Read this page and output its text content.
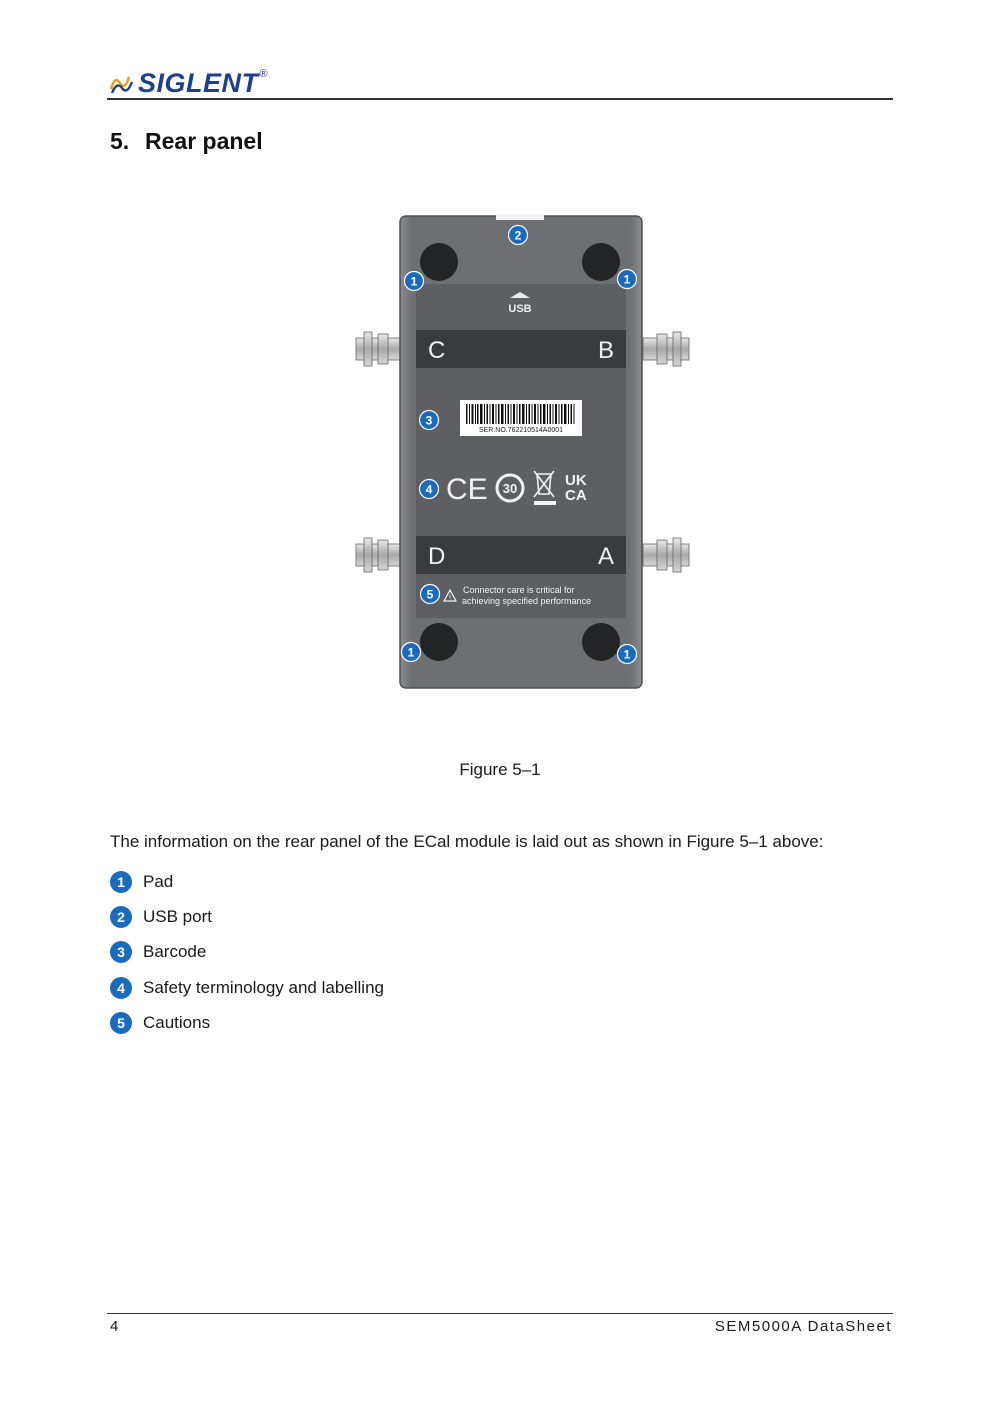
SIGLENT ®
5. Rear panel
USB
C	B
SER.NO.762210514A0001
CE 30	UK
CA
D	A
!
Connector care is critical for
achieving specified performance
2
1	1
3
4
5
1	1
Figure 5–1
The information on the rear panel of the ECal module is laid out as shown in Figure 5–1 above:
1	Pad
2	USB port
3	Barcode
4	Safety terminology and labelling
5	Cautions
4	SEM5000A DataSheet
